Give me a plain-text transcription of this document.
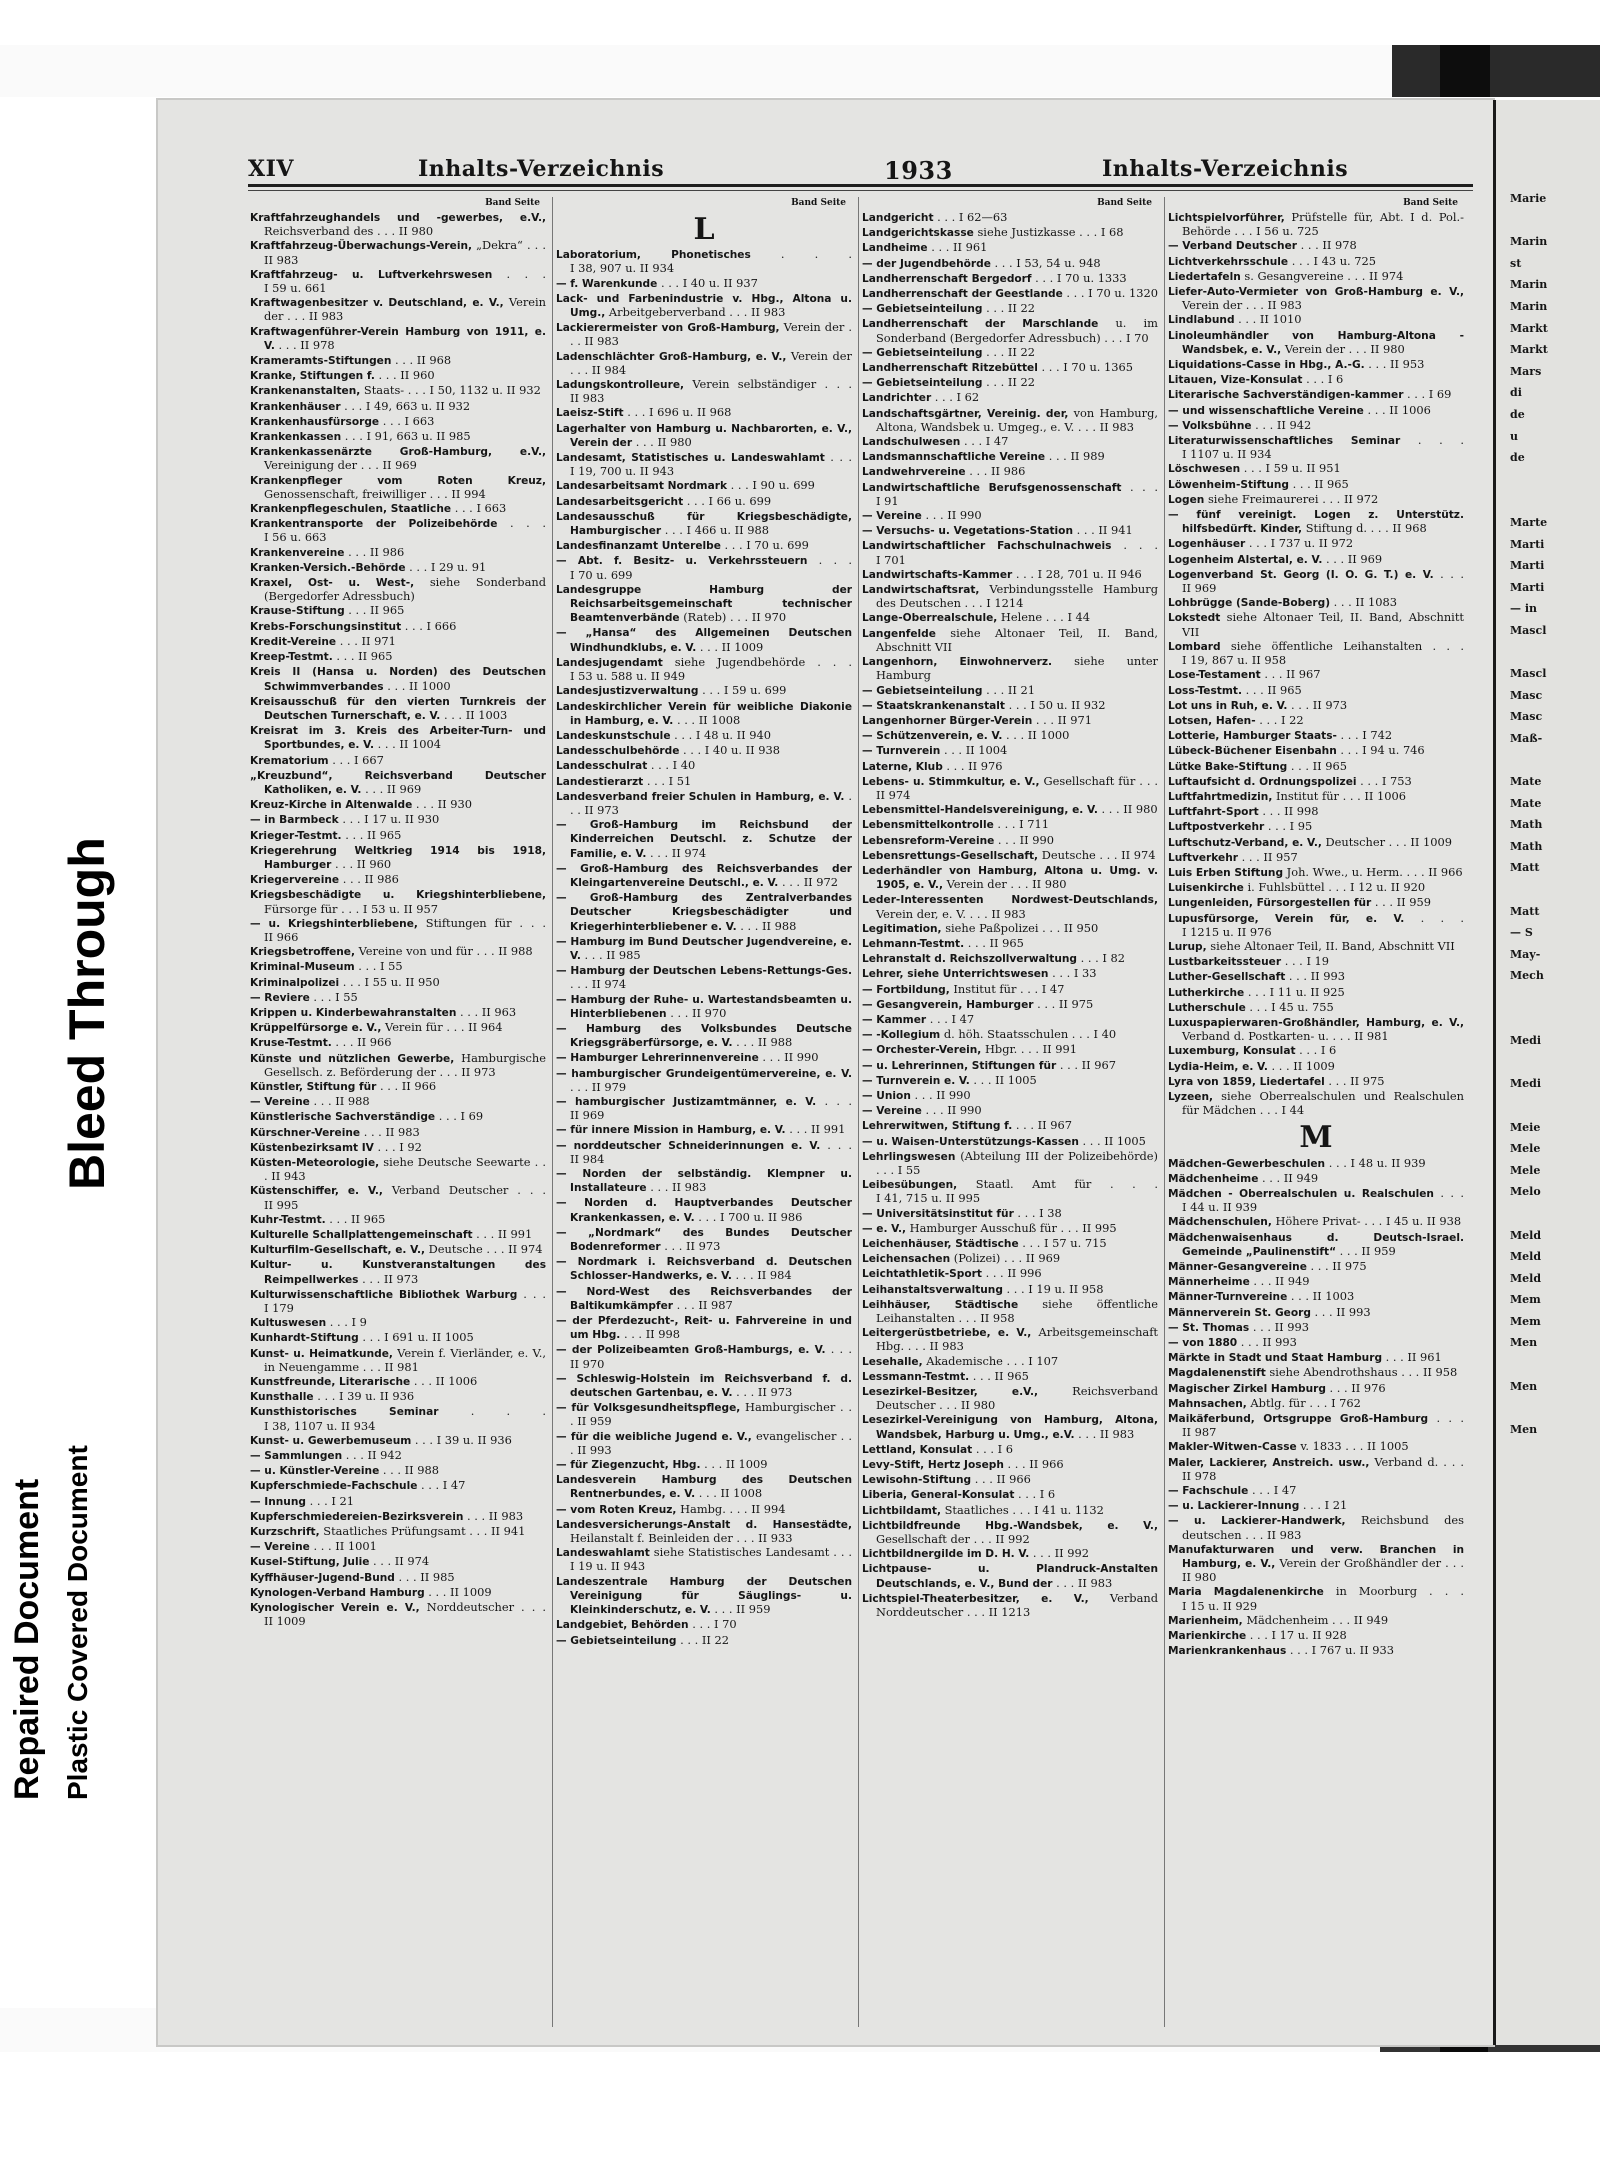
Repaired Document Plastic Covered Document
Bleed Through
XIV	Inhalts-Verzeichnis	1933	Inhalts-Verzeichnis
Band Seite
Kraftfahrzeughandels und -gewerbes, e.V., Reichsverband des . . . II 980
Kraftfahrzeug-Überwachungs-Verein, „Dekra“ . . . II 983
Kraftfahrzeug- u. Luftverkehrswesen . . . I 59 u. 661
Kraftwagenbesitzer v. Deutschland, e. V., Verein der . . . II 983
Kraftwagenführer-Verein Hamburg von 1911, e. V. . . . II 978
Krameramts-Stiftungen . . . II 968
Kranke, Stiftungen f. . . . II 960
Krankenanstalten, Staats- . . . I 50, 1132 u. II 932
Krankenhäuser . . . I 49, 663 u. II 932
Krankenhausfürsorge . . . I 663
Krankenkassen . . . I 91, 663 u. II 985
Krankenkassenärzte Groß-Hamburg, e.V., Vereinigung der . . . II 969
Krankenpfleger vom Roten Kreuz, Genossenschaft, freiwilliger . . . II 994
Krankenpflegeschulen, Staatliche . . . I 663
Krankentransporte der Polizeibehörde . . . I 56 u. 663
Krankenvereine . . . II 986
Kranken-Versich.-Behörde . . . I 29 u. 91
Kraxel, Ost- u. West-, siehe Sonderband (Bergedorfer Adressbuch)
Krause-Stiftung . . . II 965
Krebs-Forschungsinstitut . . . I 666
Kredit-Vereine . . . II 971
Kreep-Testmt. . . . II 965
Kreis II (Hansa u. Norden) des Deutschen Schwimmverbandes . . . II 1000
Kreisausschuß für den vierten Turnkreis der Deutschen Turnerschaft, e. V. . . . II 1003
Kreisrat im 3. Kreis des Arbeiter-Turn- und Sportbundes, e. V. . . . II 1004
Krematorium . . . I 667
„Kreuzbund“, Reichsverband Deutscher Katholiken, e. V. . . . II 969
Kreuz-Kirche in Altenwalde . . . II 930
— in Barmbeck . . . I 17 u. II 930
Krieger-Testmt. . . . II 965
Kriegerehrung Weltkrieg 1914 bis 1918, Hamburger . . . II 960
Kriegervereine . . . II 986
Kriegsbeschädigte u. Kriegshinterbliebene, Fürsorge für . . . I 53 u. II 957
— u. Kriegshinterbliebene, Stiftungen für . . . II 966
Kriegsbetroffene, Vereine von und für . . . II 988
Kriminal-Museum . . . I 55
Kriminalpolizei . . . I 55 u. II 950
— Reviere . . . I 55
Krippen u. Kinderbewahranstalten . . . II 963
Krüppelfürsorge e. V., Verein für . . . II 964
Kruse-Testmt. . . . II 966
Künste und nützlichen Gewerbe, Hamburgische Gesellsch. z. Beförderung der . . . II 973
Künstler, Stiftung für . . . II 966
— Vereine . . . II 988
Künstlerische Sachverständige . . . I 69
Kürschner-Vereine . . . II 983
Küstenbezirksamt IV . . . I 92
Küsten-Meteorologie, siehe Deutsche Seewarte . . . II 943
Küstenschiffer, e. V., Verband Deutscher . . . II 995
Kuhr-Testmt. . . . II 965
Kulturelle Schallplattengemeinschaft . . . II 991
Kulturfilm-Gesellschaft, e. V., Deutsche . . . II 974
Kultur- u. Kunstveranstaltungen des Reimpellwerkes . . . II 973
Kulturwissenschaftliche Bibliothek Warburg . . . I 179
Kultuswesen . . . I 9
Kunhardt-Stiftung . . . I 691 u. II 1005
Kunst- u. Heimatkunde, Verein f. Vierländer, e. V., in Neuengamme . . . II 981
Kunstfreunde, Literarische . . . II 1006
Kunsthalle . . . I 39 u. II 936
Kunsthistorisches Seminar . . . I 38, 1107 u. II 934
Kunst- u. Gewerbemuseum . . . I 39 u. II 936
— Sammlungen . . . II 942
— u. Künstler-Vereine . . . II 988
Kupferschmiede-Fachschule . . . I 47
— Innung . . . I 21
Kupferschmiedereien-Bezirksverein . . . II 983
Kurzschrift, Staatliches Prüfungsamt . . . II 941
— Vereine . . . II 1001
Kusel-Stiftung, Julie . . . II 974
Kyffhäuser-Jugend-Bund . . . II 985
Kynologen-Verband Hamburg . . . II 1009
Kynologischer Verein e. V., Norddeutscher . . . II 1009
Band Seite
L
Laboratorium, Phonetisches . . . I 38, 907 u. II 934
— f. Warenkunde . . . I 40 u. II 937
Lack- und Farbenindustrie v. Hbg., Altona u. Umg., Arbeitgeberverband . . . II 983
Lackierermeister von Groß-Hamburg, Verein der . . . II 983
Ladenschlächter Groß-Hamburg, e. V., Verein der . . . II 984
Ladungskontrolleure, Verein selbständiger . . . II 983
Laeisz-Stift . . . I 696 u. II 968
Lagerhalter von Hamburg u. Nachbarorten, e. V., Verein der . . . II 980
Landesamt, Statistisches u. Landeswahlamt . . . I 19, 700 u. II 943
Landesarbeitsamt Nordmark . . . I 90 u. 699
Landesarbeitsgericht . . . I 66 u. 699
Landesausschuß für Kriegsbeschädigte, Hamburgischer . . . I 466 u. II 988
Landesfinanzamt Unterelbe . . . I 70 u. 699
— Abt. f. Besitz- u. Verkehrssteuern . . . I 70 u. 699
Landesgruppe Hamburg der Reichsarbeitsgemeinschaft technischer Beamtenverbände (Rateb) . . . II 970
— „Hansa“ des Allgemeinen Deutschen Windhundklubs, e. V. . . . II 1009
Landesjugendamt siehe Jugendbehörde . . . I 53 u. 588 u. II 949
Landesjustizverwaltung . . . I 59 u. 699
Landeskirchlicher Verein für weibliche Diakonie in Hamburg, e. V. . . . II 1008
Landeskunstschule . . . I 48 u. II 940
Landesschulbehörde . . . I 40 u. II 938
Landesschulrat . . . I 40
Landestierarzt . . . I 51
Landesverband freier Schulen in Hamburg, e. V. . . . II 973
— Groß-Hamburg im Reichsbund der Kinderreichen Deutschl. z. Schutze der Familie, e. V. . . . II 974
— Groß-Hamburg des Reichsverbandes der Kleingartenvereine Deutschl., e. V. . . . II 972
— Groß-Hamburg des Zentralverbandes Deutscher Kriegsbeschädigter und Kriegerhinterbliebener e. V. . . . II 988
— Hamburg im Bund Deutscher Jugendvereine, e. V. . . . II 985
— Hamburg der Deutschen Lebens-Rettungs-Ges. . . . II 974
— Hamburg der Ruhe- u. Wartestandsbeamten u. Hinterbliebenen . . . II 970
— Hamburg des Volksbundes Deutsche Kriegsgräberfürsorge, e. V. . . . II 988
— Hamburger Lehrerinnenvereine . . . II 990
— hamburgischer Grundeigentümervereine, e. V. . . . II 979
— hamburgischer Justizamtmänner, e. V. . . . II 969
— für innere Mission in Hamburg, e. V. . . . II 991
— norddeutscher Schneiderinnungen e. V. . . . II 984
— Norden der selbständig. Klempner u. Installateure . . . II 983
— Norden d. Hauptverbandes Deutscher Krankenkassen, e. V. . . . I 700 u. II 986
— „Nordmark“ des Bundes Deutscher Bodenreformer . . . II 973
— Nordmark i. Reichsverband d. Deutschen Schlosser-Handwerks, e. V. . . . II 984
— Nord-West des Reichsverbandes der Baltikumkämpfer . . . II 987
— der Pferdezucht-, Reit- u. Fahrvereine in und um Hbg. . . . II 998
— der Polizeibeamten Groß-Hamburgs, e. V. . . . II 970
— Schleswig-Holstein im Reichsverband f. d. deutschen Gartenbau, e. V. . . . II 973
— für Volksgesundheitspflege, Hamburgischer . . . II 959
— für die weibliche Jugend e. V., evangelischer . . . II 993
— für Ziegenzucht, Hbg. . . . II 1009
Landesverein Hamburg des Deutschen Rentnerbundes, e. V. . . . II 1008
— vom Roten Kreuz, Hambg. . . . II 994
Landesversicherungs-Anstalt d. Hansestädte, Heilanstalt f. Beinleiden der . . . II 933
Landeswahlamt siehe Statistisches Landesamt . . . I 19 u. II 943
Landeszentrale Hamburg der Deutschen Vereinigung für Säuglings- u. Kleinkinderschutz, e. V. . . . II 959
Landgebiet, Behörden . . . I 70
— Gebietseinteilung . . . II 22
Band Seite
Landgericht . . . I 62—63
Landgerichtskasse siehe Justizkasse . . . I 68
Landheime . . . II 961
— der Jugendbehörde . . . I 53, 54 u. 948
Landherrenschaft Bergedorf . . . I 70 u. 1333
Landherrenschaft der Geestlande . . . I 70 u. 1320
— Gebietseinteilung . . . II 22
Landherrenschaft der Marschlande u. im Sonderband (Bergedorfer Adressbuch) . . . I 70
— Gebietseinteilung . . . II 22
Landherrenschaft Ritzebüttel . . . I 70 u. 1365
— Gebietseinteilung . . . II 22
Landrichter . . . I 62
Landschaftsgärtner, Vereinig. der, von Hamburg, Altona, Wandsbek u. Umgeg., e. V. . . . II 983
Landschulwesen . . . I 47
Landsmannschaftliche Vereine . . . II 989
Landwehrvereine . . . II 986
Landwirtschaftliche Berufsgenossenschaft . . . I 91
— Vereine . . . II 990
— Versuchs- u. Vegetations-Station . . . II 941
Landwirtschaftlicher Fachschulnachweis . . . I 701
Landwirtschafts-Kammer . . . I 28, 701 u. II 946
Landwirtschaftsrat, Verbindungsstelle Hamburg des Deutschen . . . I 1214
Lange-Oberrealschule, Helene . . . I 44
Langenfelde siehe Altonaer Teil, II. Band, Abschnitt VII
Langenhorn, Einwohnerverz. siehe unter Hamburg
— Gebietseinteilung . . . II 21
— Staatskrankenanstalt . . . I 50 u. II 932
Langenhorner Bürger-Verein . . . II 971
— Schützenverein, e. V. . . . II 1000
— Turnverein . . . II 1004
Laterne, Klub . . . II 976
Lebens- u. Stimmkultur, e. V., Gesellschaft für . . . II 974
Lebensmittel-Handelsvereinigung, e. V. . . . II 980
Lebensmittelkontrolle . . . I 711
Lebensreform-Vereine . . . II 990
Lebensrettungs-Gesellschaft, Deutsche . . . II 974
Lederhändler von Hamburg, Altona u. Umg. v. 1905, e. V., Verein der . . . II 980
Leder-Interessenten Nordwest-Deutschlands, Verein der, e. V. . . . II 983
Legitimation, siehe Paßpolizei . . . II 950
Lehmann-Testmt. . . . II 965
Lehranstalt d. Reichszollverwaltung . . . I 82
Lehrer, siehe Unterrichtswesen . . . I 33
— Fortbildung, Institut für . . . I 47
— Gesangverein, Hamburger . . . II 975
— Kammer . . . I 47
— -Kollegium d. höh. Staatsschulen . . . I 40
— Orchester-Verein, Hbgr. . . . II 991
— u. Lehrerinnen, Stiftungen für . . . II 967
— Turnverein e. V. . . . II 1005
— Union . . . II 990
— Vereine . . . II 990
Lehrerwitwen, Stiftung f. . . . II 967
— u. Waisen-Unterstützungs-Kassen . . . II 1005
Lehrlingswesen (Abteilung III der Polizeibehörde) . . . I 55
Leibesübungen, Staatl. Amt für . . . I 41, 715 u. II 995
— Universitätsinstitut für . . . I 38
— e. V., Hamburger Ausschuß für . . . II 995
Leichenhäuser, Städtische . . . I 57 u. 715
Leichensachen (Polizei) . . . II 969
Leichtathletik-Sport . . . II 996
Leihanstaltsverwaltung . . . I 19 u. II 958
Leihhäuser, Städtische siehe öffentliche Leihanstalten . . . II 958
Leitergerüstbetriebe, e. V., Arbeitsgemeinschaft Hbg. . . . II 983
Lesehalle, Akademische . . . I 107
Lessmann-Testmt. . . . II 965
Lesezirkel-Besitzer, e.V., Reichsverband Deutscher . . . II 980
Lesezirkel-Vereinigung von Hamburg, Altona, Wandsbek, Harburg u. Umg., e.V. . . . II 983
Lettland, Konsulat . . . I 6
Levy-Stift, Hertz Joseph . . . II 966
Lewisohn-Stiftung . . . II 966
Liberia, General-Konsulat . . . I 6
Lichtbildamt, Staatliches . . . I 41 u. 1132
Lichtbildfreunde Hbg.-Wandsbek, e. V., Gesellschaft der . . . II 992
Lichtbildnergilde im D. H. V. . . . II 992
Lichtpause- u. Plandruck-Anstalten Deutschlands, e. V., Bund der . . . II 983
Lichtspiel-Theaterbesitzer, e. V., Verband Norddeutscher . . . II 1213
Band Seite
Lichtspielvorführer, Prüfstelle für, Abt. I d. Pol.-Behörde . . . I 56 u. 725
— Verband Deutscher . . . II 978
Lichtverkehrsschule . . . I 43 u. 725
Liedertafeln s. Gesangvereine . . . II 974
Liefer-Auto-Vermieter von Groß-Hamburg e. V., Verein der . . . II 983
Lindlabund . . . II 1010
Linoleumhändler von Hamburg-Altona - Wandsbek, e. V., Verein der . . . II 980
Liquidations-Casse in Hbg., A.-G. . . . II 953
Litauen, Vize-Konsulat . . . I 6
Literarische Sachverständigen-kammer . . . I 69
— und wissenschaftliche Vereine . . . II 1006
— Volksbühne . . . II 942
Literaturwissenschaftliches Seminar . . . I 1107 u. II 934
Löschwesen . . . I 59 u. II 951
Löwenheim-Stiftung . . . II 965
Logen siehe Freimaurerei . . . II 972
— fünf vereinigt. Logen z. Unterstütz. hilfsbedürft. Kinder, Stiftung d. . . . II 968
Logenhäuser . . . I 737 u. II 972
Logenheim Alstertal, e. V. . . . II 969
Logenverband St. Georg (I. O. G. T.) e. V. . . . II 969
Lohbrügge (Sande-Boberg) . . . II 1083
Lokstedt siehe Altonaer Teil, II. Band, Abschnitt VII
Lombard siehe öffentliche Leihanstalten . . . I 19, 867 u. II 958
Lose-Testament . . . II 967
Loss-Testmt. . . . II 965
Lot uns in Ruh, e. V. . . . II 973
Lotsen, Hafen- . . . I 22
Lotterie, Hamburger Staats- . . . I 742
Lübeck-Büchener Eisenbahn . . . I 94 u. 746
Lütke Bake-Stiftung . . . II 965
Luftaufsicht d. Ordnungspolizei . . . I 753
Luftfahrtmedizin, Institut für . . . II 1006
Luftfahrt-Sport . . . II 998
Luftpostverkehr . . . I 95
Luftschutz-Verband, e. V., Deutscher . . . II 1009
Luftverkehr . . . II 957
Luis Erben Stiftung Joh. Wwe., u. Herm. . . . II 966
Luisenkirche i. Fuhlsbüttel . . . I 12 u. II 920
Lungenleiden, Fürsorgestellen für . . . II 959
Lupusfürsorge, Verein für, e. V. . . . I 1215 u. II 976
Lurup, siehe Altonaer Teil, II. Band, Abschnitt VII
Lustbarkeitssteuer . . . I 19
Luther-Gesellschaft . . . II 993
Lutherkirche . . . I 11 u. II 925
Lutherschule . . . I 45 u. 755
Luxuspapierwaren-Großhändler, Hamburg, e. V., Verband d. Postkarten- u. . . . II 981
Luxemburg, Konsulat . . . I 6
Lydia-Heim, e. V. . . . II 1009
Lyra von 1859, Liedertafel . . . II 975
Lyzeen, siehe Oberrealschulen und Realschulen für Mädchen . . . I 44
M
Mädchen-Gewerbeschulen . . . I 48 u. II 939
Mädchenheime . . . II 949
Mädchen - Oberrealschulen u. Realschulen . . . I 44 u. II 939
Mädchenschulen, Höhere Privat- . . . I 45 u. II 938
Mädchenwaisenhaus d. Deutsch-Israel. Gemeinde „Paulinenstift“ . . . II 959
Männer-Gesangvereine . . . II 975
Männerheime . . . II 949
Männer-Turnvereine . . . II 1003
Männerverein St. Georg . . . II 993
— St. Thomas . . . II 993
— von 1880 . . . II 993
Märkte in Stadt und Staat Hamburg . . . II 961
Magdalenenstift siehe Abendrothshaus . . . II 958
Magischer Zirkel Hamburg . . . II 976
Mahnsachen, Abtlg. für . . . I 762
Maikäferbund, Ortsgruppe Groß-Hamburg . . . II 987
Makler-Witwen-Casse v. 1833 . . . II 1005
Maler, Lackierer, Anstreich. usw., Verband d. . . . II 978
— Fachschule . . . I 47
— u. Lackierer-Innung . . . I 21
— u. Lackierer-Handwerk, Reichsbund des deutschen . . . II 983
Manufakturwaren und verw. Branchen in Hamburg, e. V., Verein der Großhändler der . . . II 980
Maria Magdalenenkirche in Moorburg . . . I 15 u. II 929
Marienheim, Mädchenheim . . . II 949
Marienkirche . . . I 17 u. II 928
Marienkrankenhaus . . . I 767 u. II 933
Marie

Marin
st
Marin
Marin
Markt
Markt
Mars
di
de
u
de

Marte
Marti
Marti
Marti
— in
Mascl

Mascl
Masc
Masc
Maß-

Mate
Mate
Math
Math
Matt

Matt
— S
May-
Mech

Medi

Medi

Meie
Mele
Mele
Melo

Meld
Meld
Meld
Mem
Mem
Men

Men

Men
